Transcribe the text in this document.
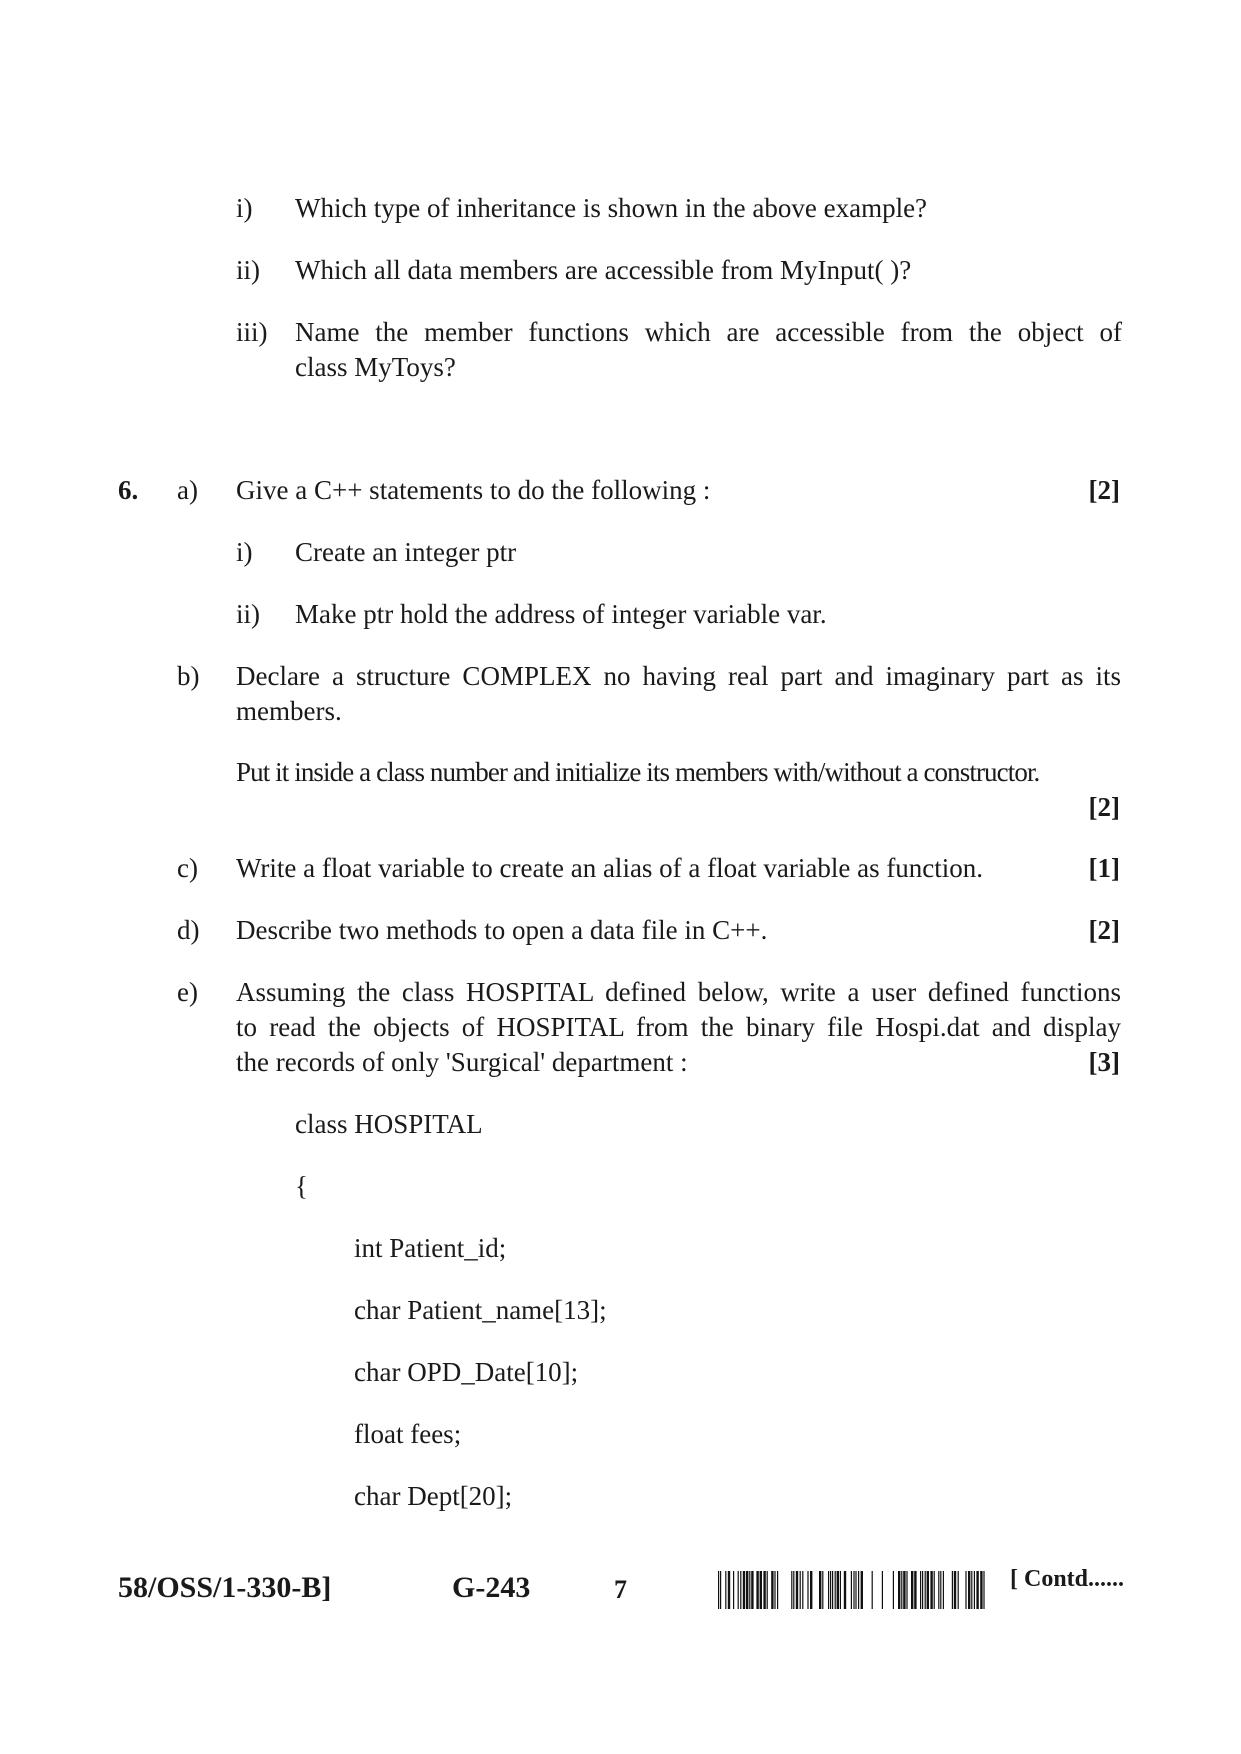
i) Which type of inheritance is shown in the above example?
ii) Which all data members are accessible from MyInput( )?
iii) Name the member functions which are accessible from the object of
class MyToys?
6. a) Give a C++ statements to do the following :	[2]
i) Create an integer ptr
ii) Make ptr hold the address of integer variable var.
b) Declare a structure COMPLEX no having real part and imaginary part as its
members.
Put it inside a class number and initialize its members with/without a constructor.
[2]
c) Write a float variable to create an alias of a float variable as function.	[1]
d) Describe two methods to open a data file in C++.	[2]
e) Assuming the class HOSPITAL defined below, write a user defined functions
to read the objects of HOSPITAL from the binary file Hospi.dat and display
the records of only 'Surgical' department :	[3]
class HOSPITAL
{
int Patient_id;
char Patient_name[13];
char OPD_Date[10];
float fees;
char Dept[20];
58/OSS/1-330-B]	G-243	7	[ Contd......
